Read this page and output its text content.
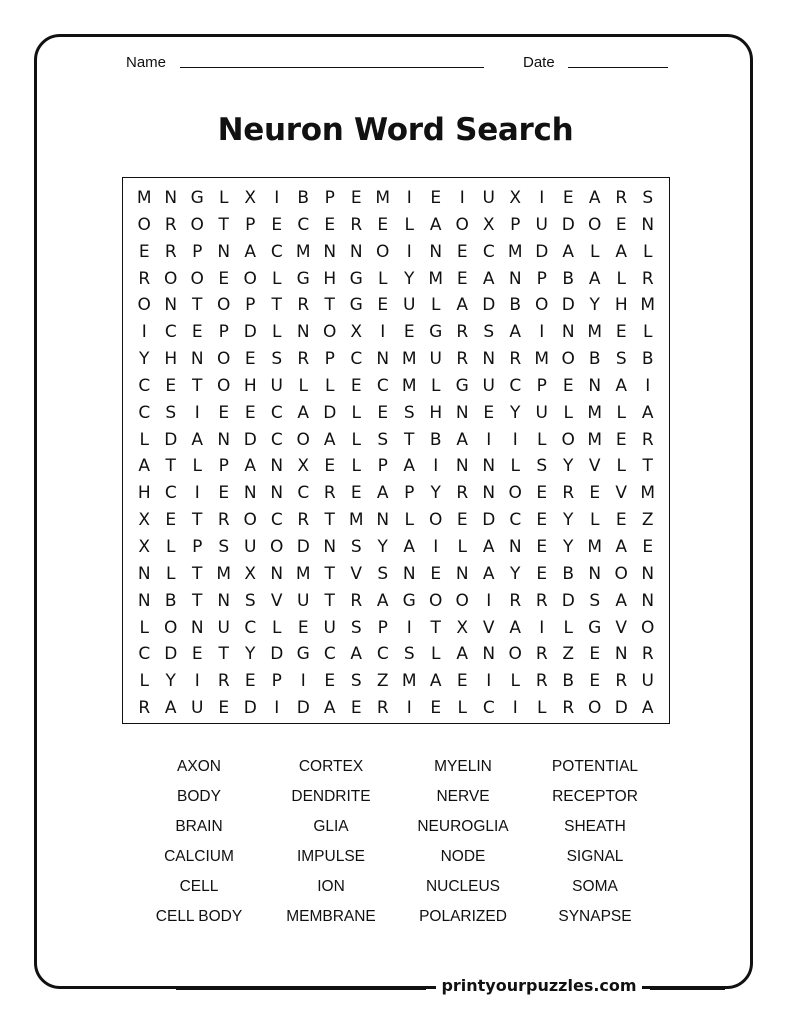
Name	Date
Neuron Word Search
M N G L X	I	B P E M I	E	I	U X	I	E A R S
O R O T P E C E R E L A O X P U D O E N
E R P N A C M N N O	I	N E C M D A L A L
R O O E O L G H G L Y M E A N P B A L R
O N T O P T R T G E U L A D B O D Y H M
I	C E P D L N O X	I	E G R S A	I	N M E L
Y H N O E S R P C N M U R N R M O B S B
C E T O H U L	L E C M L G U C P E N A	I
C S	I	E E C A D L E S H N E Y U L M L A
L D A N D C O A L S T B A	I	I	L O M E R
A T L P A N X E L P A	I	N N L S Y V L T
H C	I	E N N C R E A P Y R N O E R E V M
X E T R O C R T M N L O E D C E Y L E Z
X L P S U O D N S Y A	I	L A N E Y M A E
N L T M X N M T V S N E N A Y E B N O N
N B T N S V U T R A G O O	I	R R D S A N
L O N U C L E U S P	I	T X V A	I	L G V O
C D E T Y D G C A C S L A N O R Z E N R
L Y	I	R E P	I	E S Z M A E	I	L R B E R U
R A U E D	I	D A E R	I	E L C	I	L R O D A
AXON	CORTEX	MYELIN	POTENTIAL
BODY	DENDRITE	NERVE	RECEPTOR
BRAIN	GLIA	NEUROGLIA	SHEATH
CALCIUM	IMPULSE	NODE	SIGNAL
CELL	ION	NUCLEUS	SOMA
CELL BODY	MEMBRANE	POLARIZED	SYNAPSE
printyourpuzzles.com
